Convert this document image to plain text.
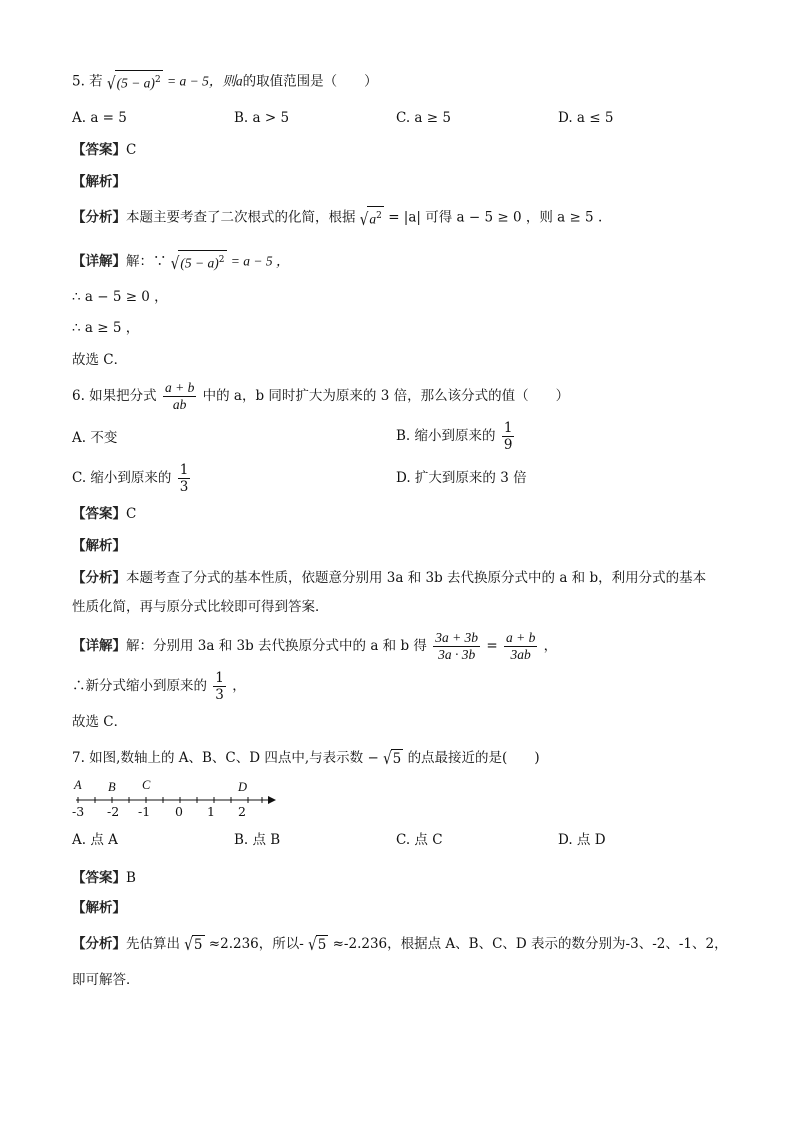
5. 若 $√(5 - a)^2 = a - 5$，则a的取值范围是（　　）
A. a = 5	B. a > 5	C. a ≥ 5	D. a ≤ 5
【答案】C
【解析】
【分析】本题主要考查了二次根式的化简，根据 $√a^2 = |a|$ 可得 a − 5 ≥ 0 ，则 a ≥ 5 .
【详解】解：∵ $√(5 - a)^2 = a - 5$ ，
∴ a − 5 ≥ 0 ，
∴ a ≥ 5 ，
故选 C．
6. 如果把分式 $\frac{a + b}{ab}$ 中的 a，b 同时扩大为原来的 3 倍，那么该分式的值（　　）
A. 不变	B. 缩小到原来的 $\frac{1}{9}$
C. 缩小到原来的 $\frac{1}{3}$	D. 扩大到原来的 3 倍
【答案】C
【解析】
【分析】本题考查了分式的基本性质，依题意分别用 3a 和 3b 去代换原分式中的 a 和 b，利用分式的基本
性质化简，再与原分式比较即可得到答案．
【详解】解：分别用 3a 和 3b 去代换原分式中的 a 和 b 得 $\frac{3a + 3b}{3a \cdot 3b} = \frac{a + b}{3ab}$ ，
∴新分式缩小到原来的 $\frac{1}{3}$ ，
故选 C．
7. 如图,数轴上的 A、B、C、D 四点中,与表示数 − √5 的点最接近的是(　　)
A B C	D
-3 -2 -1 0 1 2
A. 点 A	B. 点 B	C. 点 C	D. 点 D
【答案】B
【解析】
【分析】先估算出 √5 ≈2.236，所以- √5 ≈-2.236，根据点 A、B、C、D 表示的数分别为-3、-2、-1、2，
即可解答．
